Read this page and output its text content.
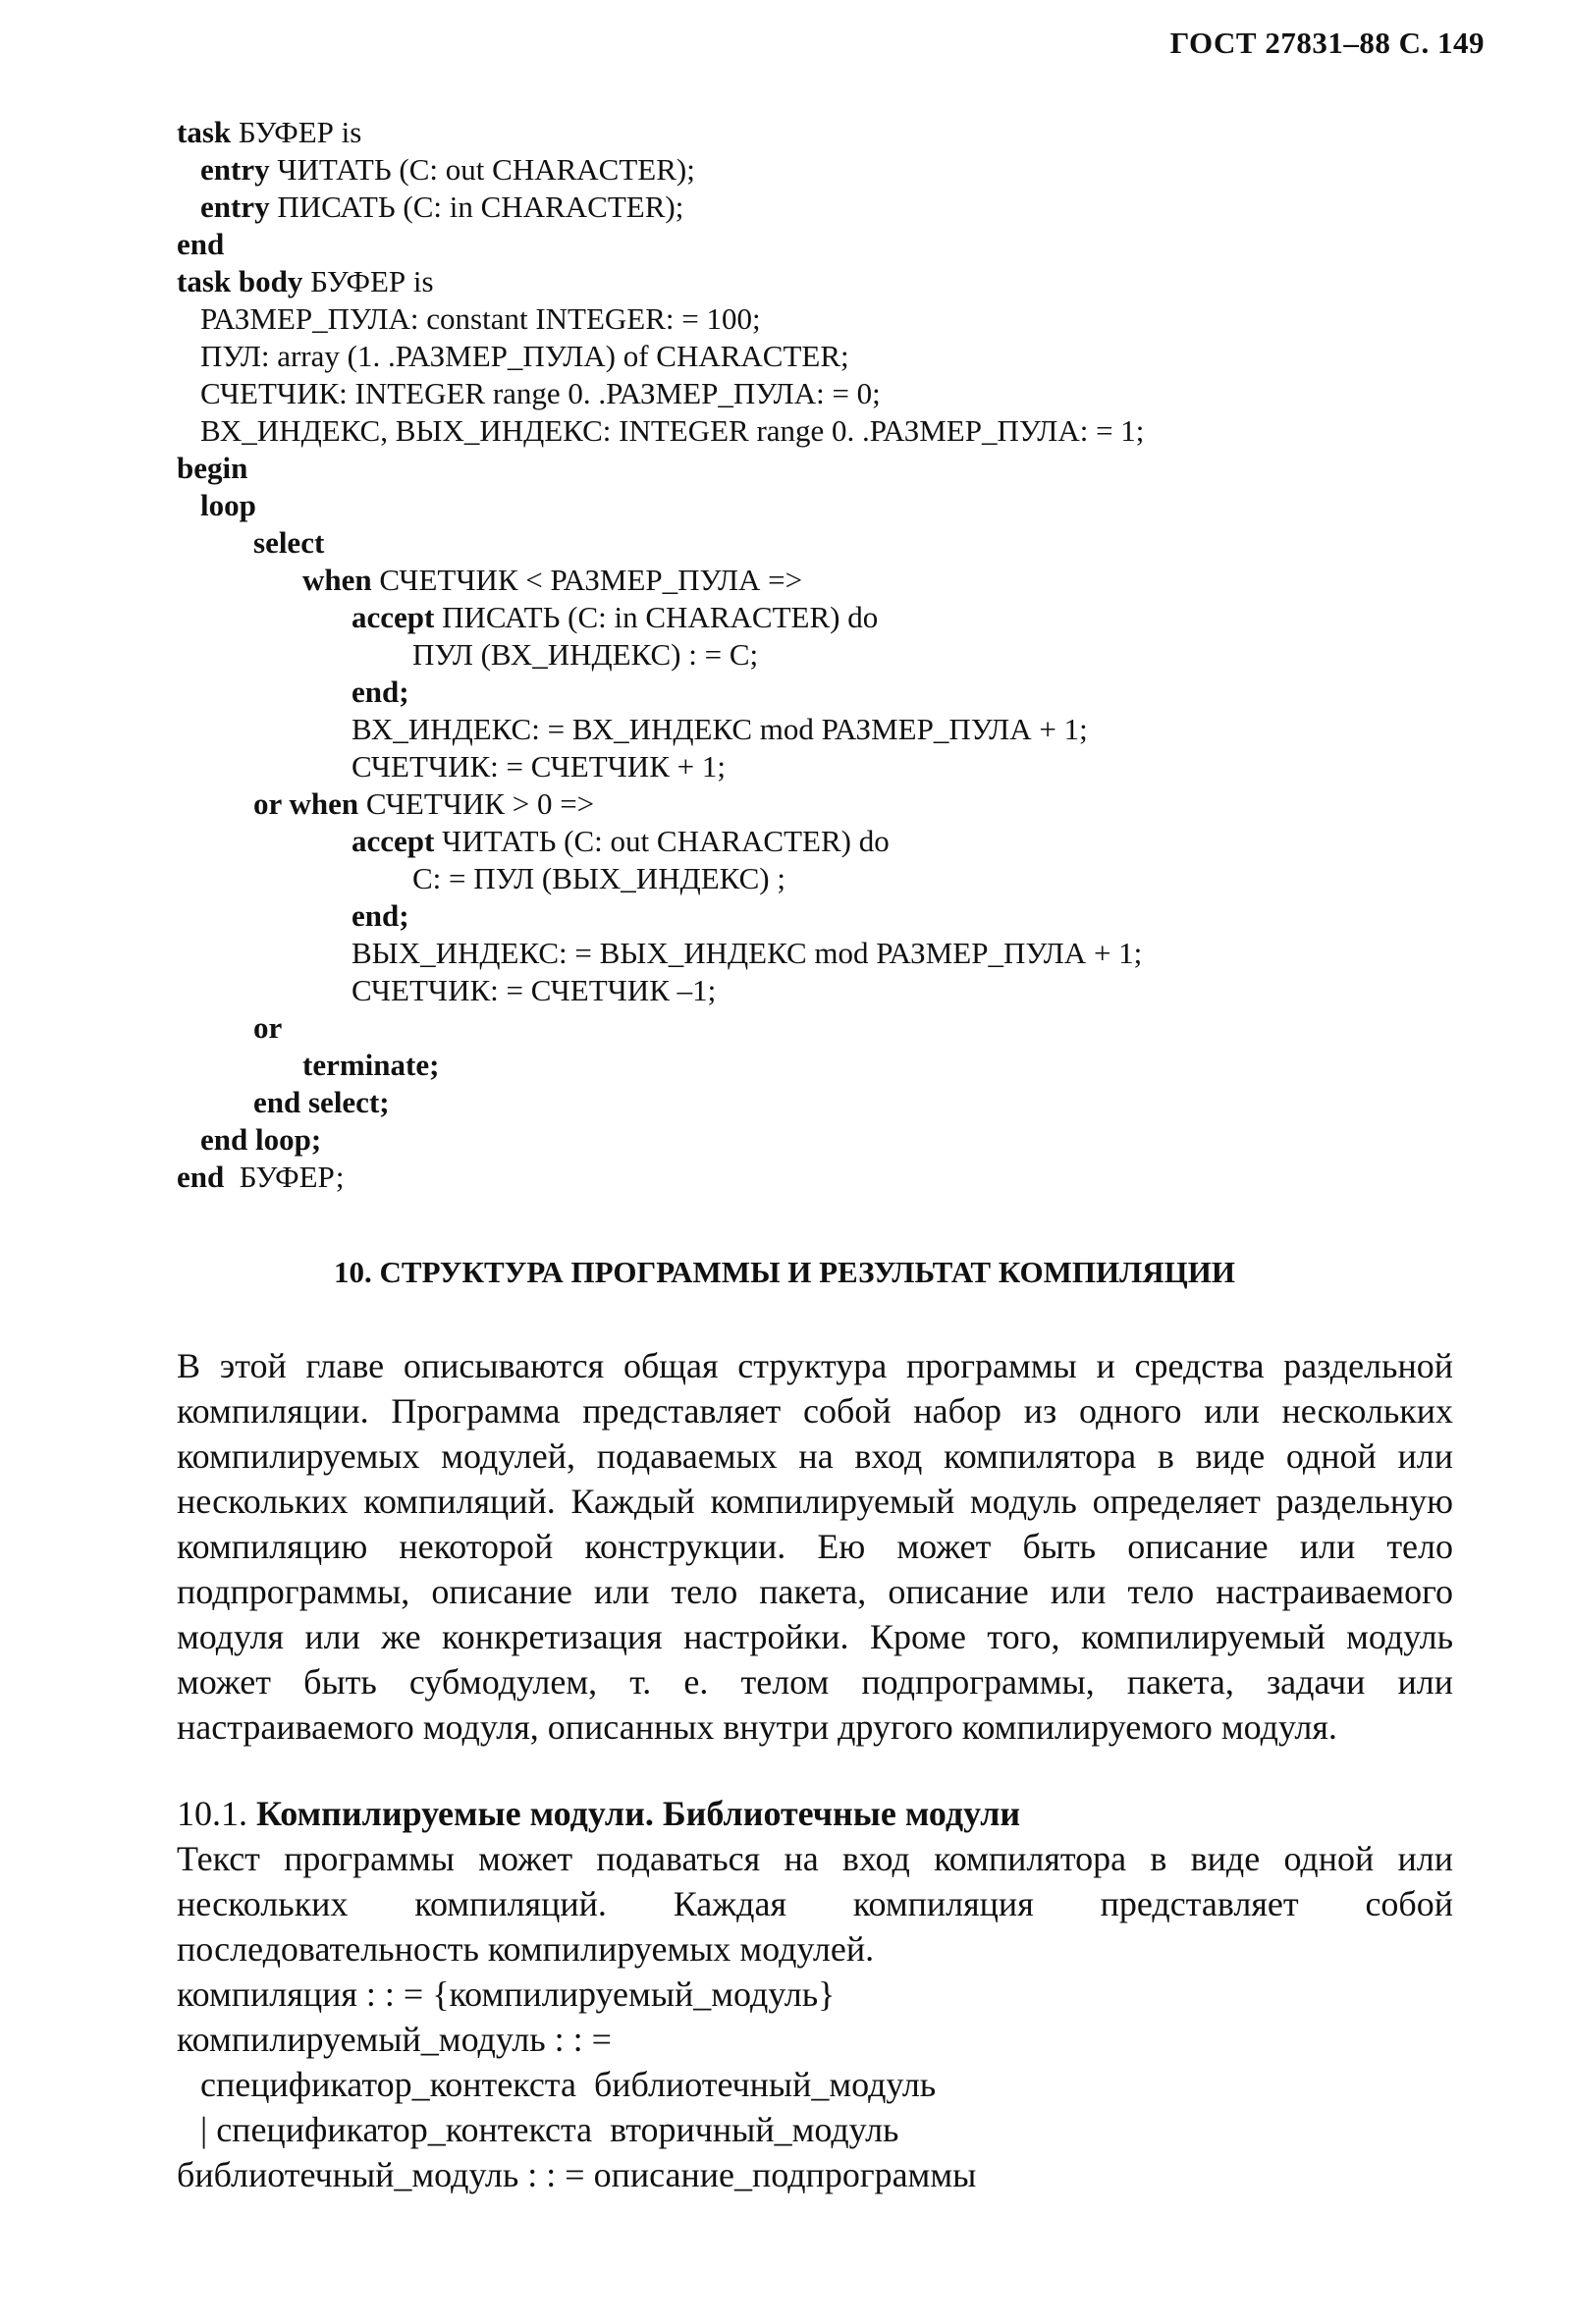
ГОСТ 27831–88 С. 149
task БУФЕР is
entry ЧИТАТЬ (С: out CHARACTER);
entry ПИСАТЬ (С: in CHARACTER);
end
task body БУФЕР is
РАЗМЕР_ПУЛА: constant INTEGER: = 100;
ПУЛ: array (1. .РАЗМЕР_ПУЛА) of CHARACTER;
СЧЕТЧИК: INTEGER range 0. .РАЗМЕР_ПУЛА: = 0;
ВХ_ИНДЕКС, ВЫХ_ИНДЕКС: INTEGER range 0. .РАЗМЕР_ПУЛА: = 1;
begin
loop
select
when СЧЕТЧИК < РАЗМЕР_ПУЛА =>
accept ПИСАТЬ (С: in CHARACTER) do
ПУЛ (ВХ_ИНДЕКС) : = С;
end;
ВХ_ИНДЕКС: = ВХ_ИНДЕКС mod РАЗМЕР_ПУЛА + 1;
СЧЕТЧИК: = СЧЕТЧИК + 1;
or when СЧЕТЧИК > 0 =>
accept ЧИТАТЬ (С: out CHARACTER) do
С: = ПУЛ (ВЫХ_ИНДЕКС) ;
end;
ВЫХ_ИНДЕКС: = ВЫХ_ИНДЕКС mod РАЗМЕР_ПУЛА + 1;
СЧЕТЧИК: = СЧЕТЧИК –1;
or
terminate;
end select;
end loop;
end  БУФЕР;
10. СТРУКТУРА ПРОГРАММЫ И РЕЗУЛЬТАТ КОМПИЛЯЦИИ
В этой главе описываются общая структура программы и средства раздельной компиляции. Программа представляет собой набор из одного или нескольких компилируемых модулей, подаваемых на вход компилятора в виде одной или нескольких компиляций. Каждый компилируемый модуль определяет раздельную компиляцию некоторой конструкции. Ею может быть описание или тело подпрограммы, описание или тело пакета, описание или тело настраиваемого модуля или же конкретизация настройки. Кроме того, компилируемый модуль может быть субмодулем, т. е. телом подпрограммы, пакета, задачи или настраиваемого модуля, описанных внутри другого компилируемого модуля.
10.1. Компилируемые модули. Библиотечные модули
Текст программы может подаваться на вход компилятора в виде одной или нескольких компиляций. Каждая компиляция представляет собой последовательность компилируемых модулей.
компиляция : : = {компилируемый_модуль}
компилируемый_модуль : : =
спецификатор_контекста  библиотечный_модуль
| спецификатор_контекста  вторичный_модуль
библиотечный_модуль : : = описание_подпрограммы
